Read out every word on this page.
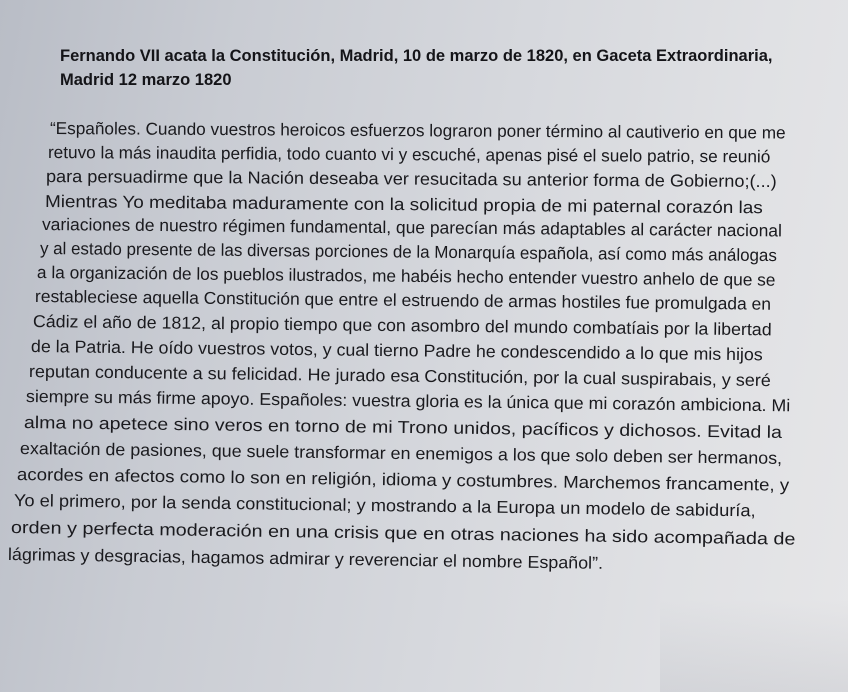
Fernando VII acata la Constitución, Madrid, 10 de marzo de 1820, en Gaceta Extraordinaria,
Madrid 12 marzo 1820
“Españoles. Cuando vuestros heroicos esfuerzos lograron poner término al cautiverio en que me
retuvo la más inaudita perfidia, todo cuanto vi y escuché, apenas pisé el suelo patrio, se reunió
para persuadirme que la Nación deseaba ver resucitada su anterior forma de Gobierno;(...)
Mientras Yo meditaba maduramente con la solicitud propia de mi paternal corazón las
variaciones de nuestro régimen fundamental, que parecían más adaptables al carácter nacional
y al estado presente de las diversas porciones de la Monarquía española, así como más análogas
a la organización de los pueblos ilustrados, me habéis hecho entender vuestro anhelo de que se
restableciese aquella Constitución que entre el estruendo de armas hostiles fue promulgada en
Cádiz el año de 1812, al propio tiempo que con asombro del mundo combatíais por la libertad
de la Patria. He oído vuestros votos, y cual tierno Padre he condescendido a lo que mis hijos
reputan conducente a su felicidad. He jurado esa Constitución, por la cual suspirabais, y seré
siempre su más firme apoyo. Españoles: vuestra gloria es la única que mi corazón ambiciona. Mi
alma no apetece sino veros en torno de mi Trono unidos, pacíficos y dichosos. Evitad la
exaltación de pasiones, que suele transformar en enemigos a los que solo deben ser hermanos,
acordes en afectos como lo son en religión, idioma y costumbres. Marchemos francamente, y
Yo el primero, por la senda constitucional; y mostrando a la Europa un modelo de sabiduría,
orden y perfecta moderación en una crisis que en otras naciones ha sido acompañada de
lágrimas y desgracias, hagamos admirar y reverenciar el nombre Español”.
